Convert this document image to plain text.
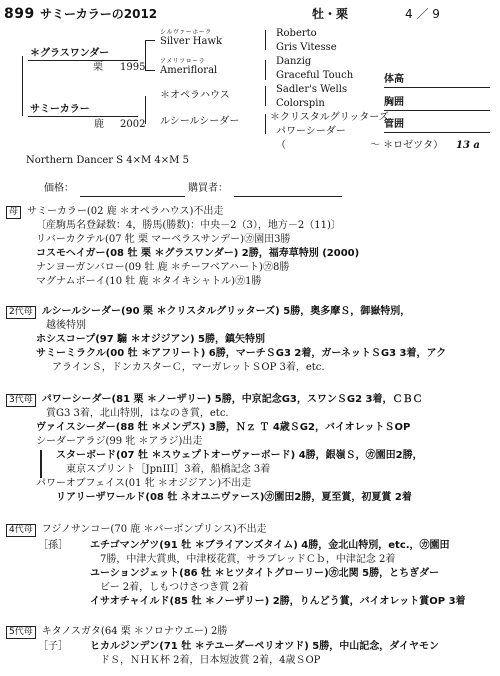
899 サミーカラーの2012	牡・栗	4 ／ 9
＊グラスワンダー
栗 1995
シルヴァーホーク
Silver Hawk
アメリフローラ
Amerifloral
Roberto
Gris Vitesse
Danzig
Graceful Touch
サミーカラー
鹿 2002
＊オペラハウス
ルシールシーダー
Sadler's Wells
Colorspin
＊クリスタルグリッターズ
パワーシーダー
（	～ ＊ロゼツタ） 13 a
体高
胸囲
管囲
Northern Dancer S 4×M 4×M 5
価格：	購買者：
母 サミーカラー(02 鹿 ＊オペラハウス)不出走
〔産駒馬名登録数：4，勝馬(勝数)：中央－2（3），地方－2（11)〕
リバーカクテル(07 牝 栗 マーベラスサンデー)㋕園田3勝
コスモヘイガー(08 牡 栗 ＊グラスワンダー) 2勝，福寿草特別 (2000)
ナンヨーガンバロー(09 牡 鹿 ＊チーフベアハート)㋕8勝
マグナムボーイ(10 牡 鹿 ＊タイキシャトル)㋕1勝
2代母 ルシールシーダー(90 栗 ＊クリスタルグリッターズ) 5勝，奥多摩Ｓ，御嶽特別，
越後特別
ホシスコープ(97 騸 ＊オジジアン) 5勝，鎮矢特別
サミーミラクル(00 牡 ＊アフリート) 6勝，マーチＳG3 2着，ガーネットＳG3 3着，アク
アラインＳ，ドンカスターＣ，マーガレットＳOP 3着，etc.
3代母 パワーシーダー(81 栗 ＊ノーザリー) 5勝，中京記念G3，スワンＳG2 3着，ＣＢＣ
賞G3 3着，北山特別，はなのき賞，etc.
ヴァイスシーダー(88 牡 ＊メンデス) 3勝，Ｎｚ Ｔ 4歳ＳG2，バイオレットＳOP
シーダーアラジ(99 牝 ＊アラジ)出走
スターボード(07 牡 ＊スウェプトオーヴァーボード) 4勝，銀嶺Ｓ，㋕園田2勝，
東京スプリント［JpnIII］3着，船橋記念 3着
パワーオブフェイス(01 牝 ＊オジジアン)不出走
リアリーザワールド(08 牡 ネオユニヴァース)㋕園田2勝，夏至賞，初夏賞 2着
4代母 フジノサンコー(70 鹿 ＊パーボンプリンス)不出走
［孫］ エチゴマンゲツ(91 牡 ＊ブライアンズタイム) 4勝，金北山特別，etc.，㋕園田
7勝，中津大賞典，中津桜花賞，サラブレッドＣｂ，中津記念 2着
ユーションジェット(86 牡 ＊ヒツタイトグローリー)㋕北関 5勝，とちぎダー
ビー 2着，しもつけさつき賞 2着
イサオチャイルド(85 牡 ＊ノーザリー) 2勝，りんどう賞，バイオレット賞OP 3着
5代母 キタノスガタ(64 栗 ＊ソロナウエー) 2勝
［子］ ヒカルジンデン(71 牡 ＊テユーダーペリオツド) 5勝，中山記念，ダイヤモン
ドＳ，ＮＨＫ杯 2着，日本短波賞 2着，4歳ＳOP
